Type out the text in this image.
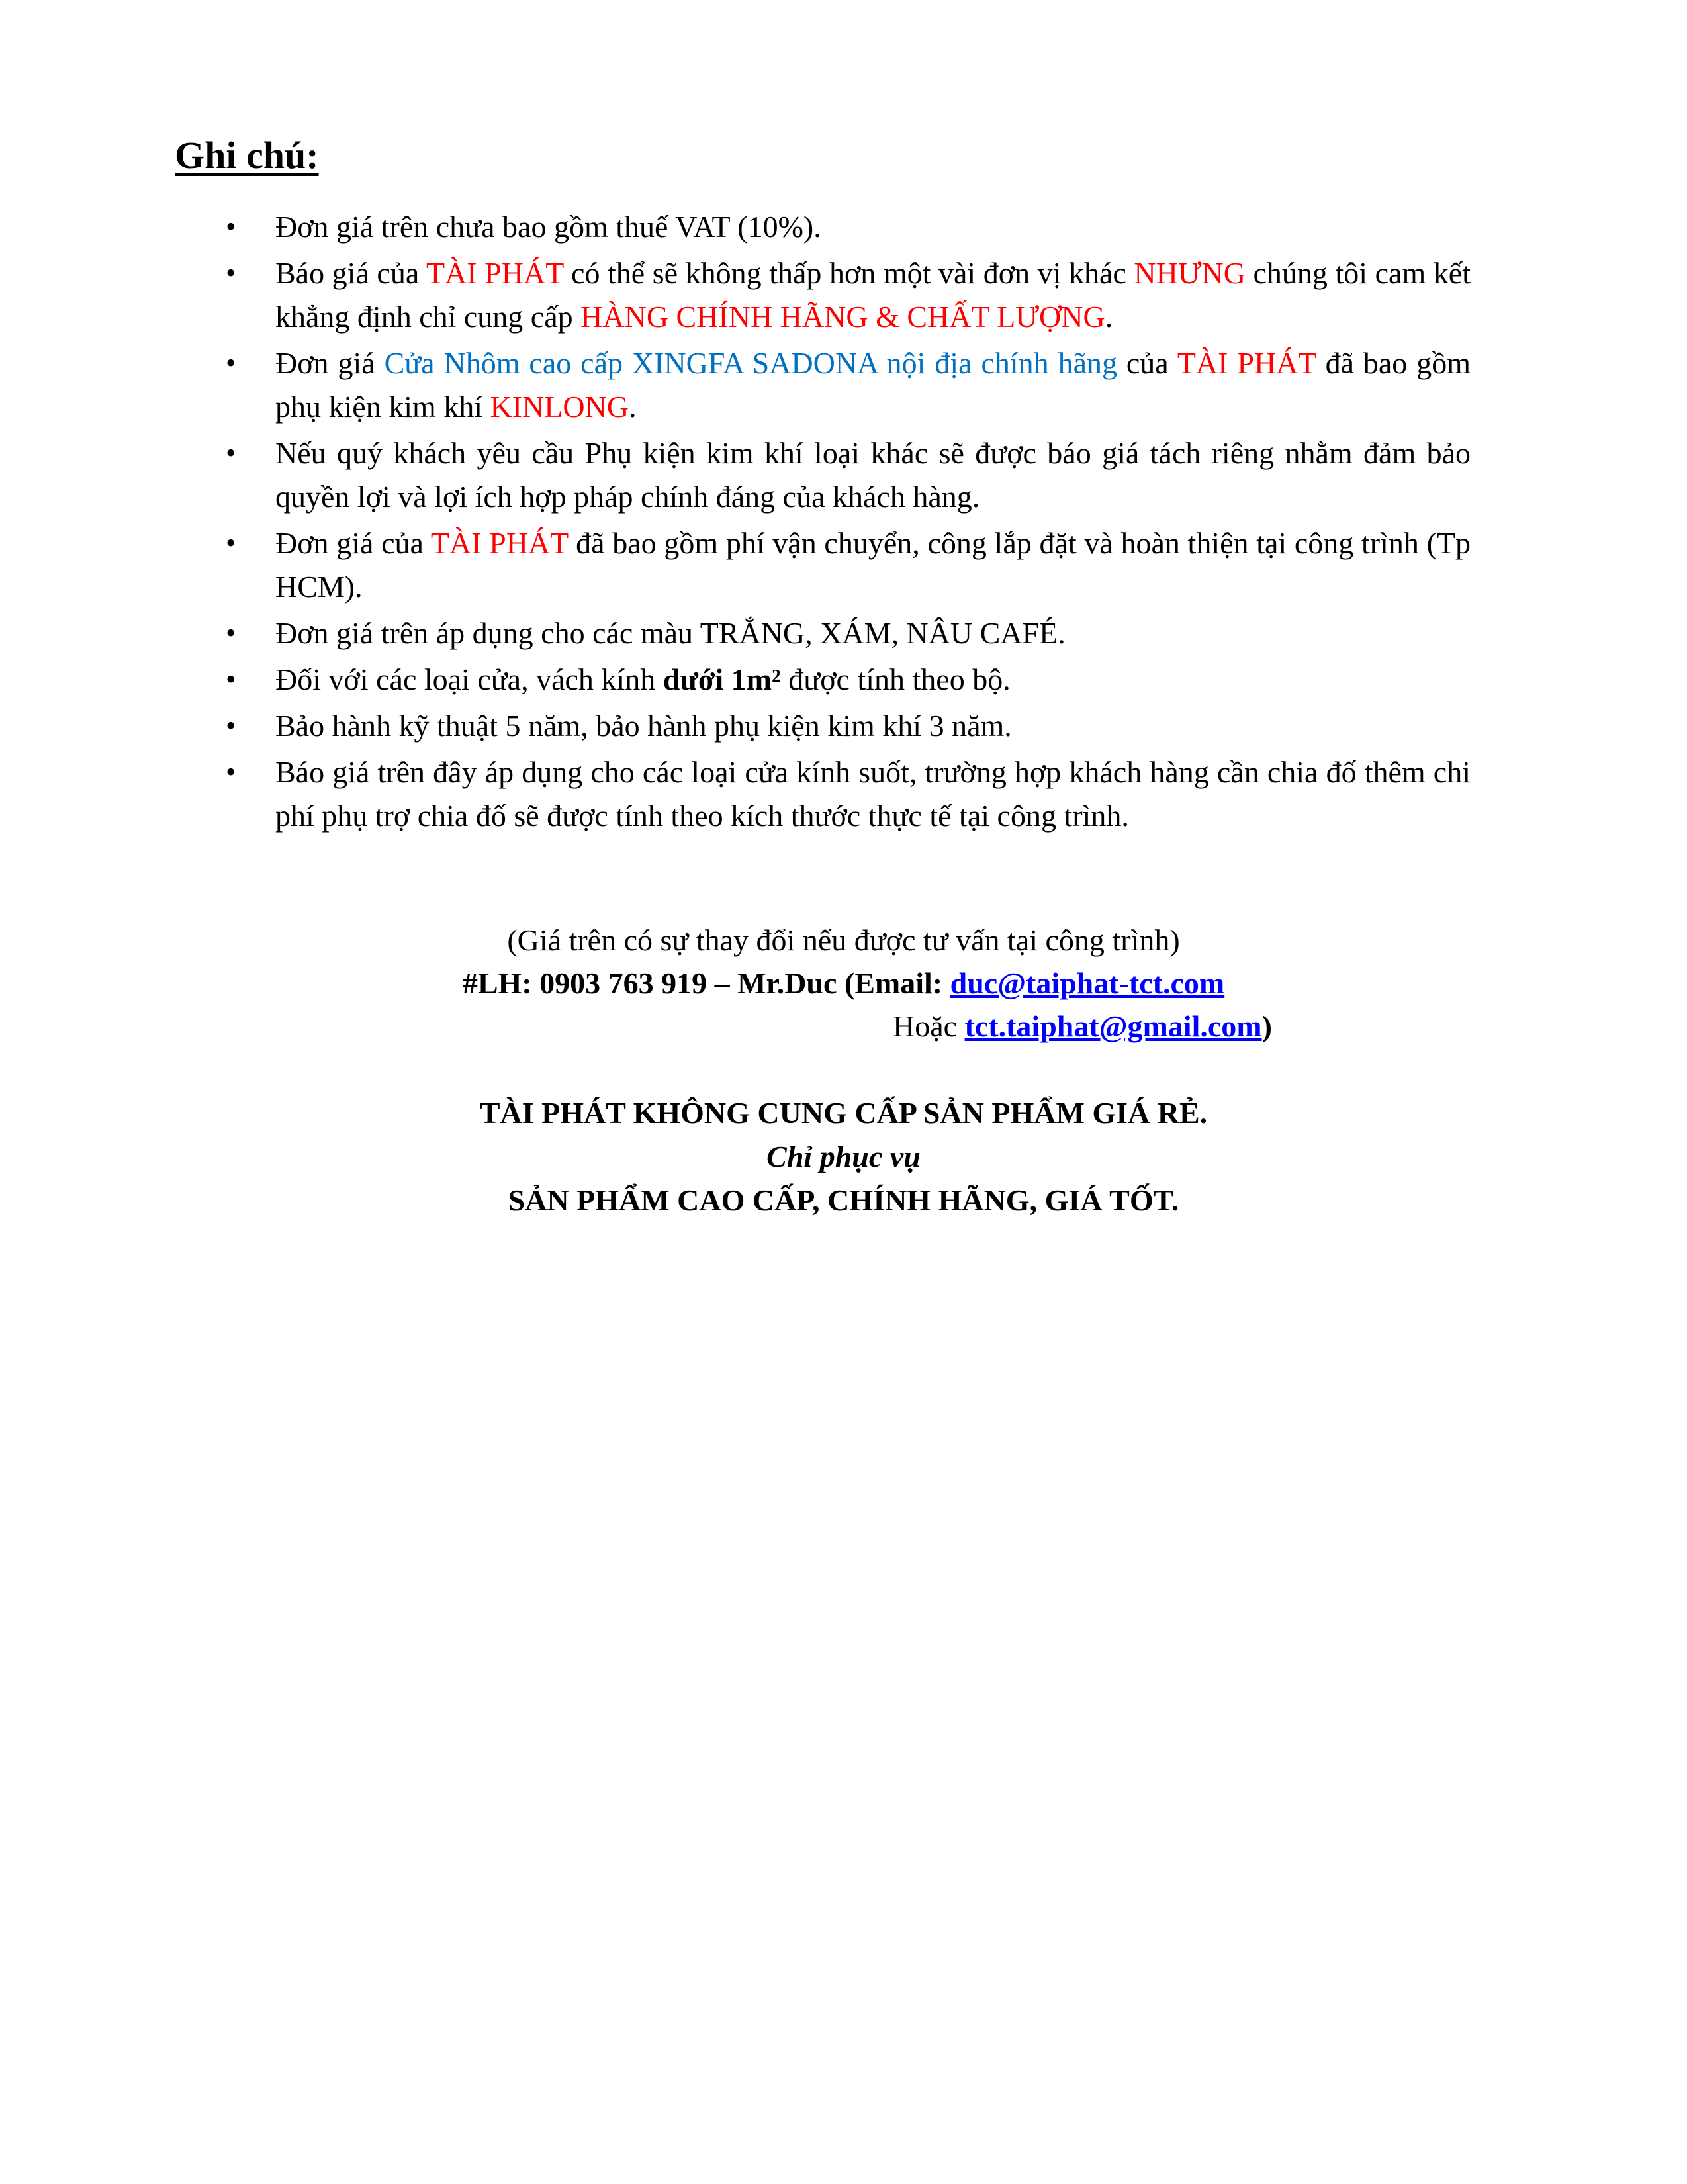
Ghi chú:
•	Đơn giá trên chưa bao gồm thuế VAT (10%).
•	Báo giá của TÀI PHÁT có thể sẽ không thấp hơn một vài đơn vị khác NHƯNG chúng tôi cam kết khẳng định chỉ cung cấp HÀNG CHÍNH HÃNG & CHẤT LƯỢNG.
•	Đơn giá Cửa Nhôm cao cấp XINGFA SADONA nội địa chính hãng của TÀI PHÁT đã bao gồm phụ kiện kim khí KINLONG.
•	Nếu quý khách yêu cầu Phụ kiện kim khí loại khác sẽ được báo giá tách riêng nhằm đảm bảo quyền lợi và lợi ích hợp pháp chính đáng của khách hàng.
•	Đơn giá của TÀI PHÁT đã bao gồm phí vận chuyển, công lắp đặt và hoàn thiện tại công trình (Tp HCM).
•	Đơn giá trên áp dụng cho các màu TRẮNG, XÁM, NÂU CAFÉ.
•	Đối với các loại cửa, vách kính dưới 1m² được tính theo bộ.
•	Bảo hành kỹ thuật 5 năm, bảo hành phụ kiện kim khí 3 năm.
•	Báo giá trên đây áp dụng cho các loại cửa kính suốt, trường hợp khách hàng cần chia đố thêm chi phí phụ trợ chia đố sẽ được tính theo kích thước thực tế tại công trình.
(Giá trên có sự thay đổi nếu được tư vấn tại công trình)
#LH: 0903 763 919 – Mr.Duc (Email: duc@taiphat-tct.com
Hoặc tct.taiphat@gmail.com)
TÀI PHÁT KHÔNG CUNG CẤP SẢN PHẨM GIÁ RẺ.
Chỉ phục vụ
SẢN PHẨM CAO CẤP, CHÍNH HÃNG, GIÁ TỐT.
